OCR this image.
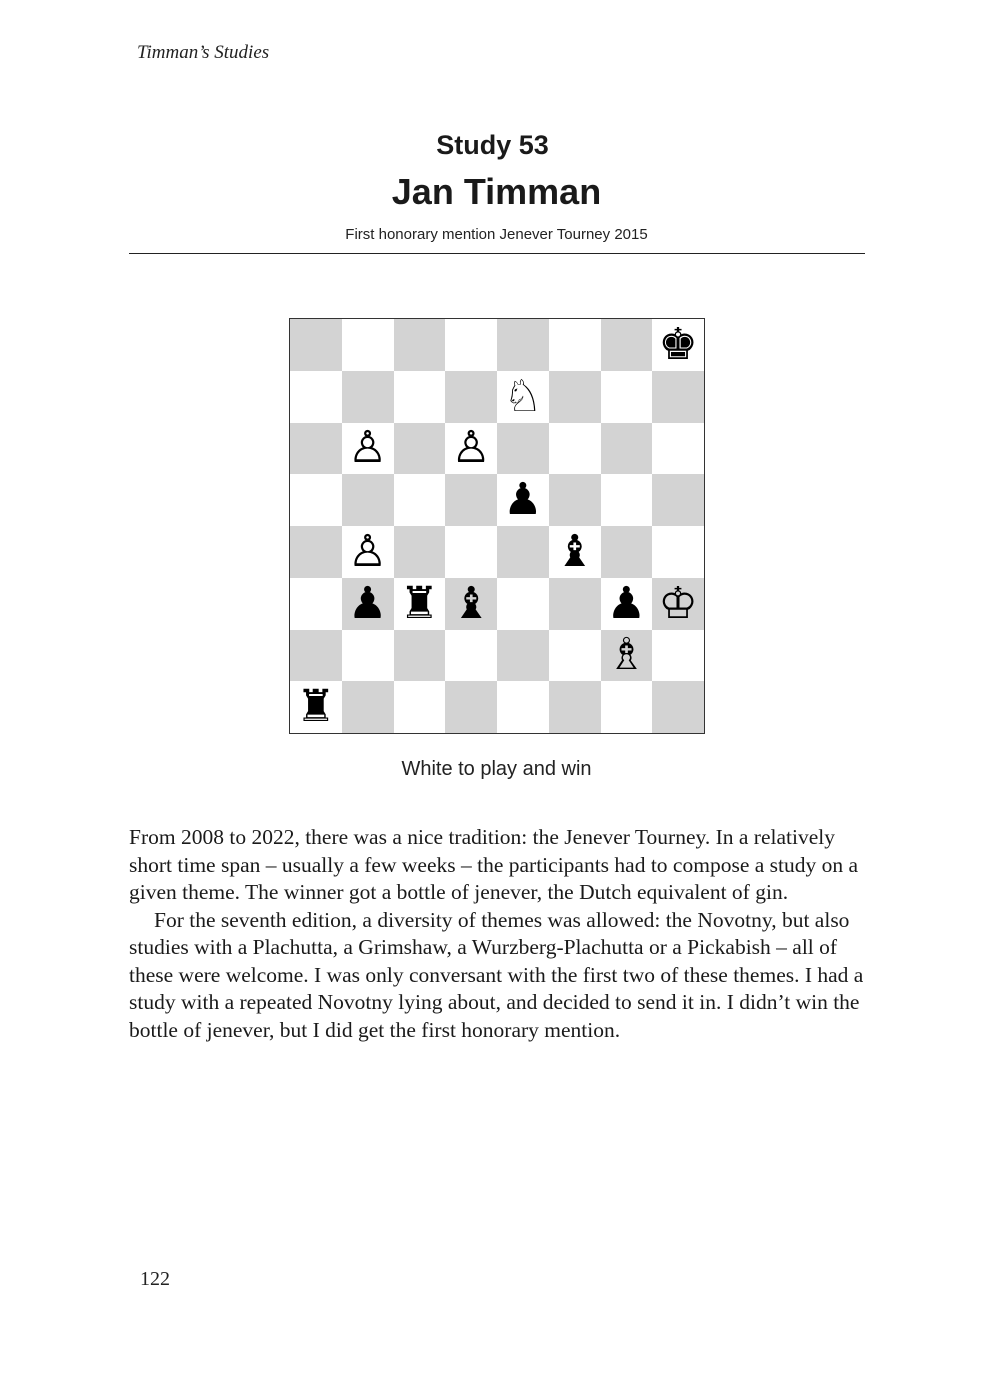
Timman’s Studies
Study 53
Jan Timman
First honorary mention Jenever Tourney 2015
♚
♘
♙ ♙
♟
♙	♝
♟ ♜ ♝	♟ ♔
♗
♜
White to play and win

From 2008 to 2022, there was a nice tradition: the Jenever Tourney. In a relatively short time span – usually a few weeks – the participants had to compose a study on a given theme. The winner got a bottle of jenever, the Dutch equivalent of gin.

For the seventh edition, a diversity of themes was allowed: the Novotny, but also studies with a Plachutta, a Grimshaw, a Wurzberg-Plachutta or a Pickabish – all of these were welcome. I was only conversant with the first two of these themes. I had a study with a repeated Novotny lying about, and decided to send it in. I didn’t win the bottle of jenever, but I did get the first honorary mention.

122
